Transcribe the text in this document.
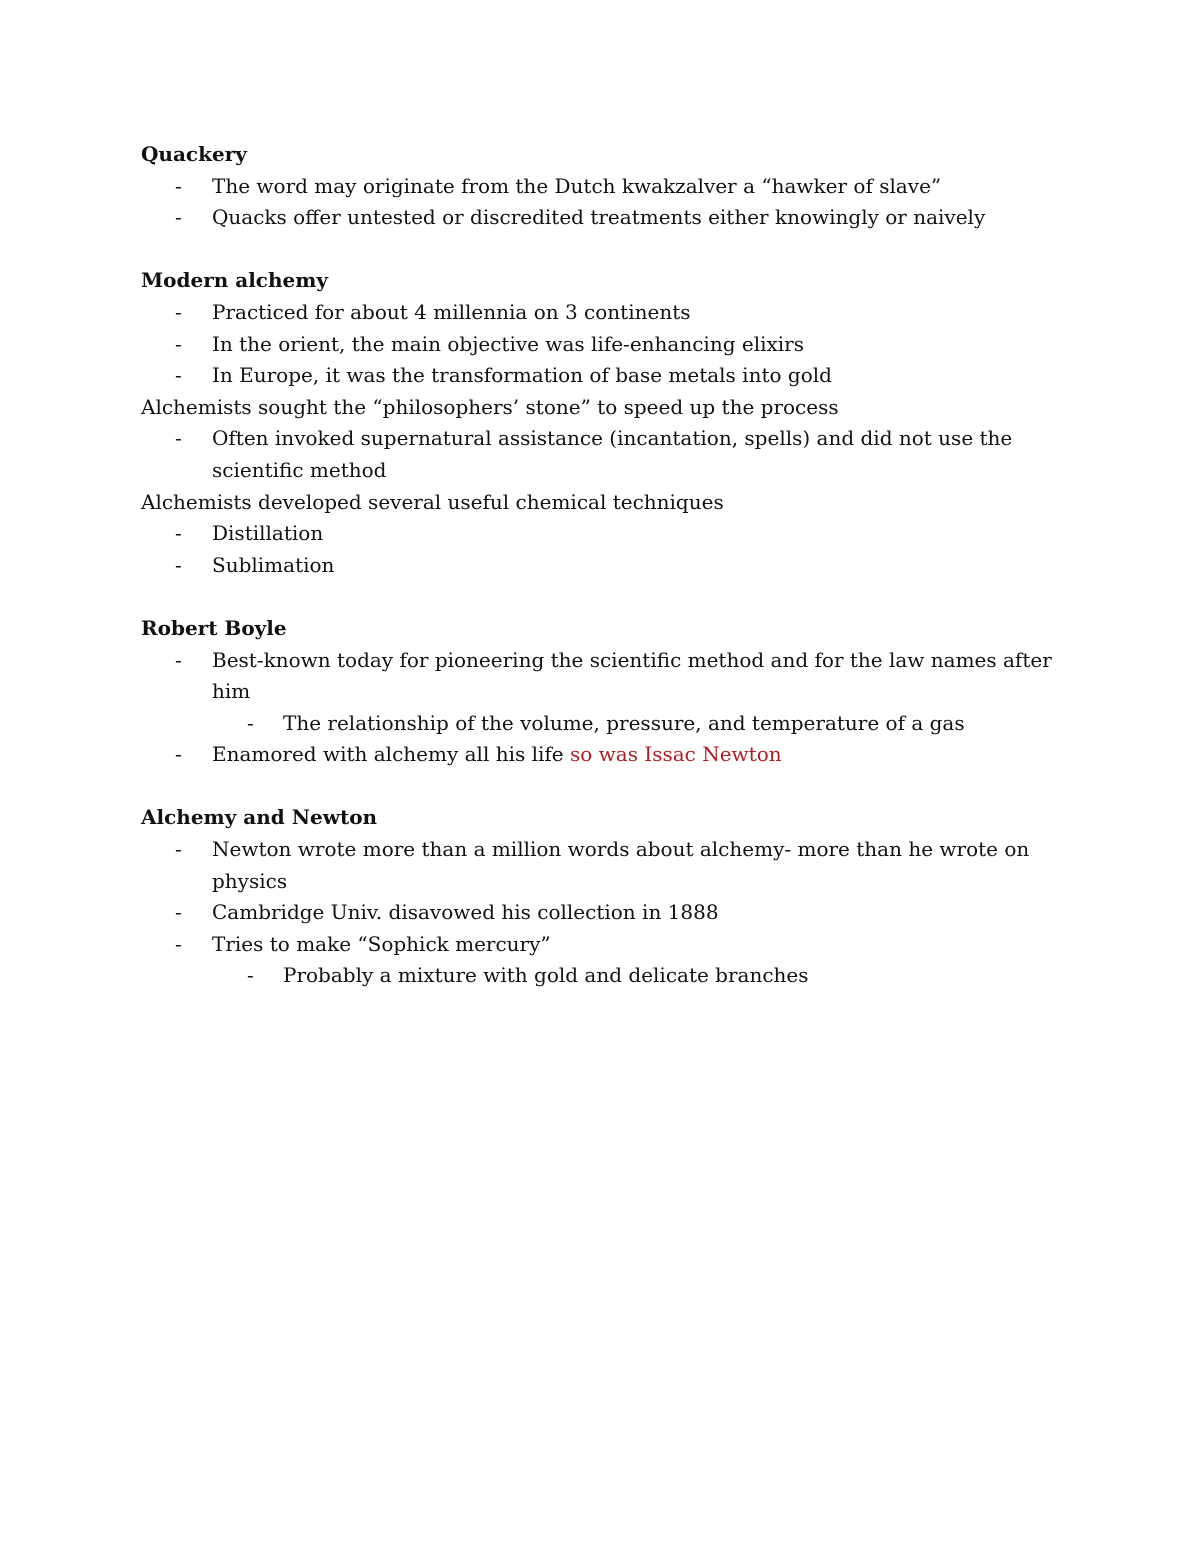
Quackery

- The word may originate from the Dutch kwakzalver a “hawker of slave”

- Quacks offer untested or discredited treatments either knowingly or naively

Modern alchemy

- Practiced for about 4 millennia on 3 continents

- In the orient, the main objective was life-enhancing elixirs

- In Europe, it was the transformation of base metals into gold

Alchemists sought the “philosophers’ stone” to speed up the process

- Often invoked supernatural assistance (incantation, spells) and did not use the scientific method

Alchemists developed several useful chemical techniques

- Distillation

- Sublimation

Robert Boyle

- Best-known today for pioneering the scientific method and for the law names after him

- The relationship of the volume, pressure, and temperature of a gas

- Enamored with alchemy all his life so was Issac Newton

Alchemy and Newton

- Newton wrote more than a million words about alchemy- more than he wrote on physics

- Cambridge Univ. disavowed his collection in 1888

- Tries to make “Sophick mercury”

- Probably a mixture with gold and delicate branches
